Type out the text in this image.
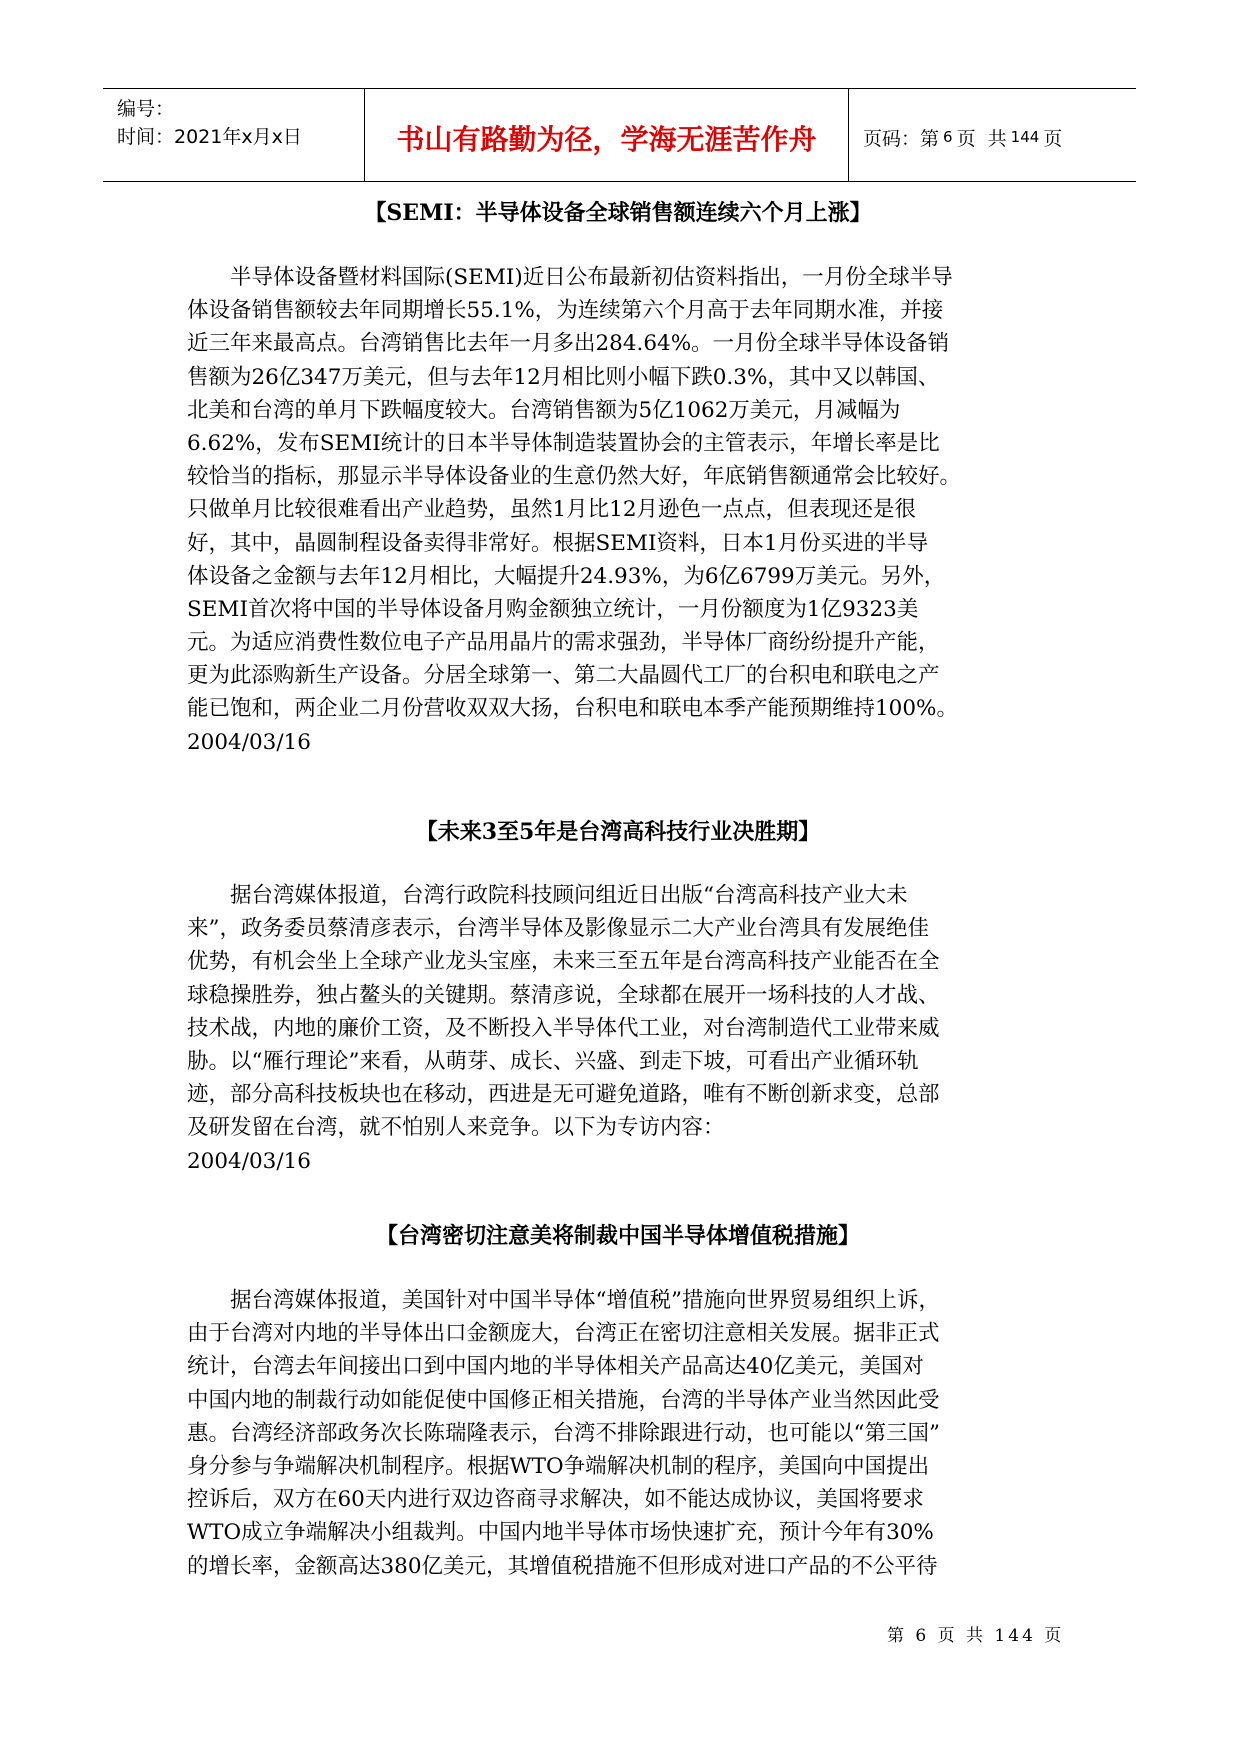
编号：
时间：2021年x月x日	书山有路勤为径，学海无涯苦作舟 页码：第 6 页  共 144 页
【SEMI：半导体设备全球销售额连续六个月上涨】
　　半导体设备暨材料国际(SEMI)近日公布最新初估资料指出，一月份全球半导
体设备销售额较去年同期增长55.1%，为连续第六个月高于去年同期水准，并接
近三年来最高点。台湾销售比去年一月多出284.64%。一月份全球半导体设备销
售额为26亿347万美元，但与去年12月相比则小幅下跌0.3%，其中又以韩国、
北美和台湾的单月下跌幅度较大。台湾销售额为5亿1062万美元，月减幅为
6.62%，发布SEMI统计的日本半导体制造装置协会的主管表示，年增长率是比
较恰当的指标，那显示半导体设备业的生意仍然大好，年底销售额通常会比较好。
只做单月比较很难看出产业趋势，虽然1月比12月逊色一点点，但表现还是很
好，其中，晶圆制程设备卖得非常好。根据SEMI资料，日本1月份买进的半导
体设备之金额与去年12月相比，大幅提升24.93%，为6亿6799万美元。另外，
SEMI首次将中国的半导体设备月购金额独立统计，一月份额度为1亿9323美
元。为适应消费性数位电子产品用晶片的需求强劲，半导体厂商纷纷提升产能，
更为此添购新生产设备。分居全球第一、第二大晶圆代工厂的台积电和联电之产
能已饱和，两企业二月份营收双双大扬，台积电和联电本季产能预期维持100%。
2004/03/16
【未来3至5年是台湾高科技行业决胜期】
　　据台湾媒体报道，台湾行政院科技顾问组近日出版“台湾高科技产业大未
来”，政务委员蔡清彦表示，台湾半导体及影像显示二大产业台湾具有发展绝佳
优势，有机会坐上全球产业龙头宝座，未来三至五年是台湾高科技产业能否在全
球稳操胜券，独占鳌头的关键期。蔡清彦说，全球都在展开一场科技的人才战、
技术战，内地的廉价工资，及不断投入半导体代工业，对台湾制造代工业带来威
胁。以“雁行理论”来看，从萌芽、成长、兴盛、到走下坡，可看出产业循环轨
迹，部分高科技板块也在移动，西进是无可避免道路，唯有不断创新求变，总部
及研发留在台湾，就不怕别人来竞争。以下为专访内容：
2004/03/16
【台湾密切注意美将制裁中国半导体增值税措施】
　　据台湾媒体报道，美国针对中国半导体“增值税”措施向世界贸易组织上诉，
由于台湾对内地的半导体出口金额庞大，台湾正在密切注意相关发展。据非正式
统计，台湾去年间接出口到中国内地的半导体相关产品高达40亿美元，美国对
中国内地的制裁行动如能促使中国修正相关措施，台湾的半导体产业当然因此受
惠。台湾经济部政务次长陈瑞隆表示，台湾不排除跟进行动，也可能以“第三国”
身分参与争端解决机制程序。根据WTO争端解决机制的程序，美国向中国提出
控诉后，双方在60天内进行双边咨商寻求解决，如不能达成协议，美国将要求
WTO成立争端解决小组裁判。中国内地半导体市场快速扩充，预计今年有30%
的增长率，金额高达380亿美元，其增值税措施不但形成对进口产品的不公平待
第 6 页 共 144 页
